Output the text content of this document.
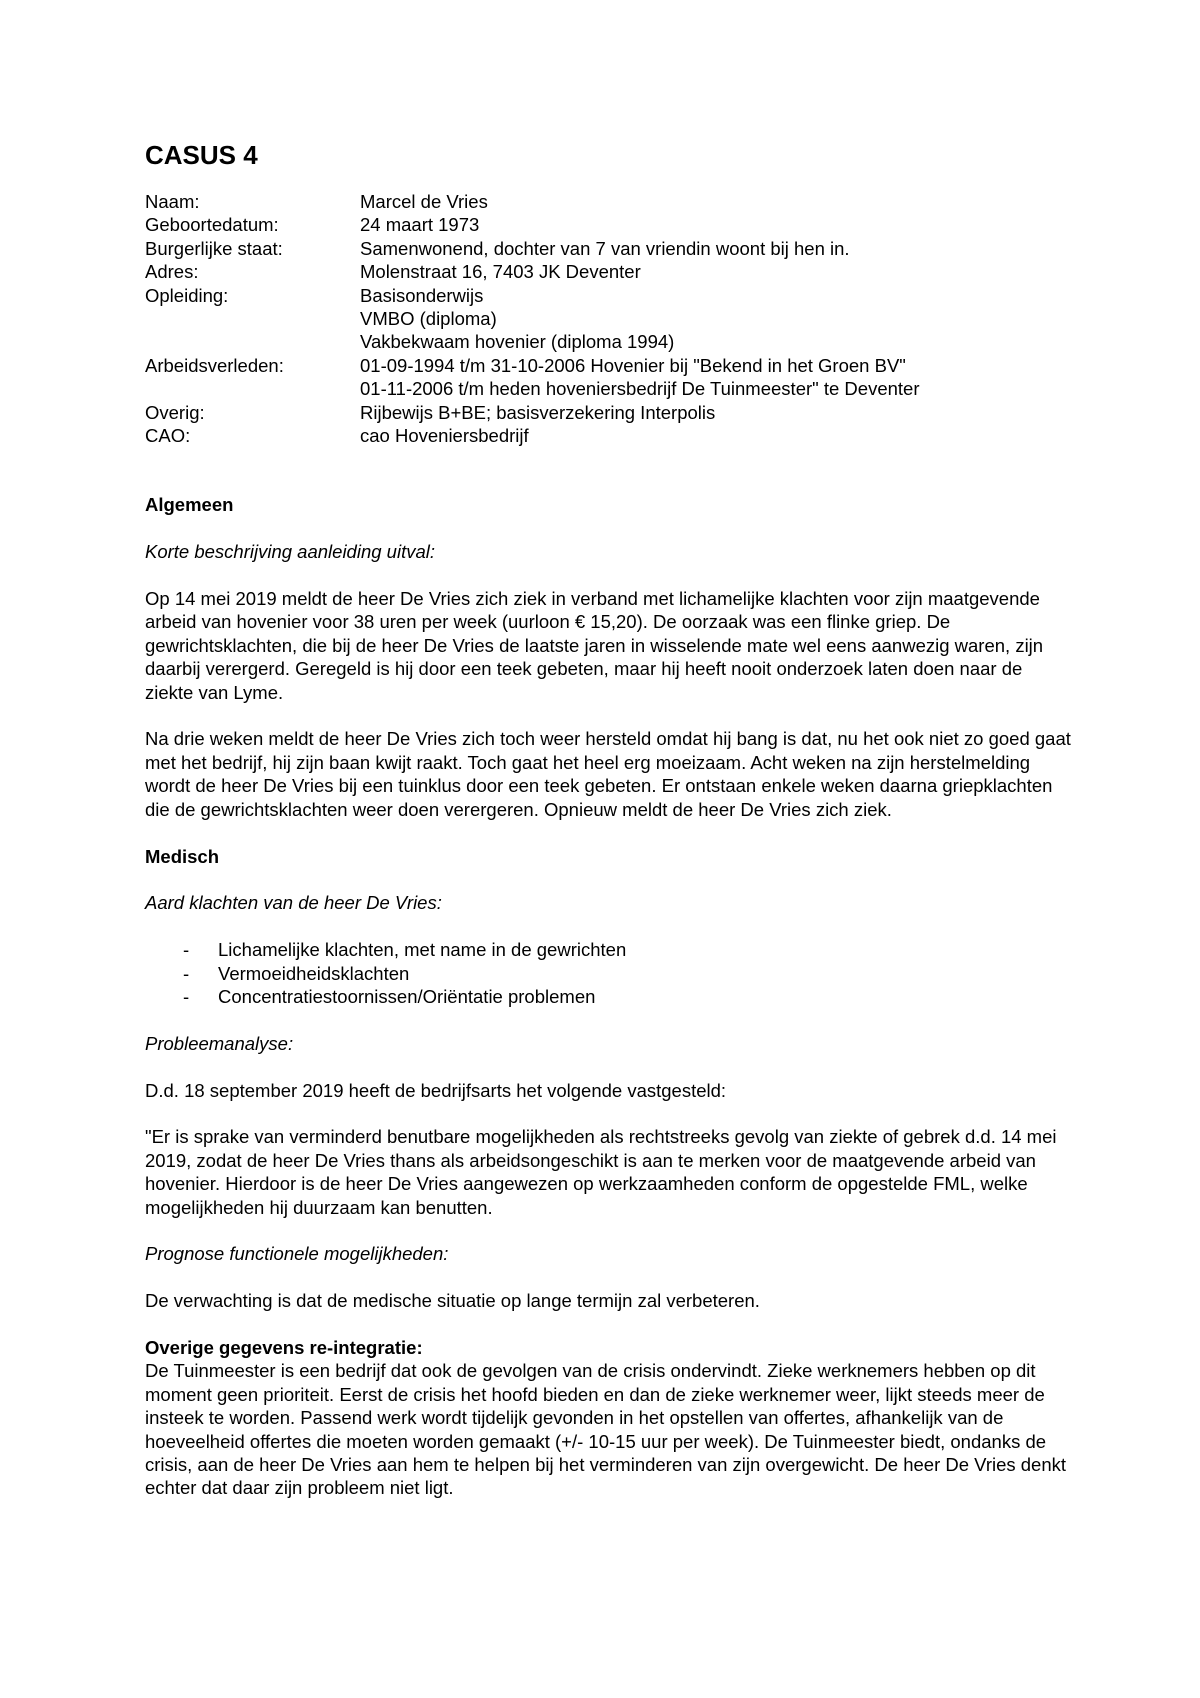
CASUS 4
Naam:	Marcel de Vries
Geboortedatum:	24 maart 1973
Burgerlijke staat:	Samenwonend, dochter van 7 van vriendin woont bij hen in.
Adres:	Molenstraat 16, 7403 JK Deventer
Opleiding:	Basisonderwijs
VMBO (diploma)
Vakbekwaam hovenier (diploma 1994)
Arbeidsverleden:	01-09-1994 t/m 31-10-2006 Hovenier bij "Bekend in het Groen BV"
01-11-2006 t/m heden hoveniersbedrijf De Tuinmeester" te Deventer
Overig:	Rijbewijs B+BE; basisverzekering Interpolis
CAO:	cao Hoveniersbedrijf

Algemeen

Korte beschrijving aanleiding uitval:

Op 14 mei 2019 meldt de heer De Vries zich ziek in verband met lichamelijke klachten voor zijn maatgevende arbeid van hovenier voor 38 uren per week (uurloon € 15,20). De oorzaak was een flinke griep. De gewrichtsklachten, die bij de heer De Vries de laatste jaren in wisselende mate wel eens aanwezig waren, zijn daarbij verergerd. Geregeld is hij door een teek gebeten, maar hij heeft nooit onderzoek laten doen naar de ziekte van Lyme.

Na drie weken meldt de heer De Vries zich toch weer hersteld omdat hij bang is dat, nu het ook niet zo goed gaat met het bedrijf, hij zijn baan kwijt raakt. Toch gaat het heel erg moeizaam. Acht weken na zijn herstelmelding wordt de heer De Vries bij een tuinklus door een teek gebeten. Er ontstaan enkele weken daarna griepklachten die de gewrichtsklachten weer doen verergeren. Opnieuw meldt de heer De Vries zich ziek.

Medisch

Aard klachten van de heer De Vries:

- Lichamelijke klachten, met name in de gewrichten
- Vermoeidheidsklachten
- Concentratiestoornissen/Oriëntatie problemen

Probleemanalyse:

D.d. 18 september 2019 heeft de bedrijfsarts het volgende vastgesteld:

"Er is sprake van verminderd benutbare mogelijkheden als rechtstreeks gevolg van ziekte of gebrek d.d. 14 mei 2019, zodat de heer De Vries thans als arbeidsongeschikt is aan te merken voor de maatgevende arbeid van hovenier. Hierdoor is de heer De Vries aangewezen op werkzaamheden conform de opgestelde FML, welke mogelijkheden hij duurzaam kan benutten.

Prognose functionele mogelijkheden:

De verwachting is dat de medische situatie op lange termijn zal verbeteren.

Overige gegevens re-integratie:

De Tuinmeester is een bedrijf dat ook de gevolgen van de crisis ondervindt. Zieke werknemers hebben op dit moment geen prioriteit. Eerst de crisis het hoofd bieden en dan de zieke werknemer weer, lijkt steeds meer de insteek te worden. Passend werk wordt tijdelijk gevonden in het opstellen van offertes, afhankelijk van de hoeveelheid offertes die moeten worden gemaakt (+/- 10-15 uur per week). De Tuinmeester biedt, ondanks de crisis, aan de heer De Vries aan hem te helpen bij het verminderen van zijn overgewicht. De heer De Vries denkt echter dat daar zijn probleem niet ligt.
